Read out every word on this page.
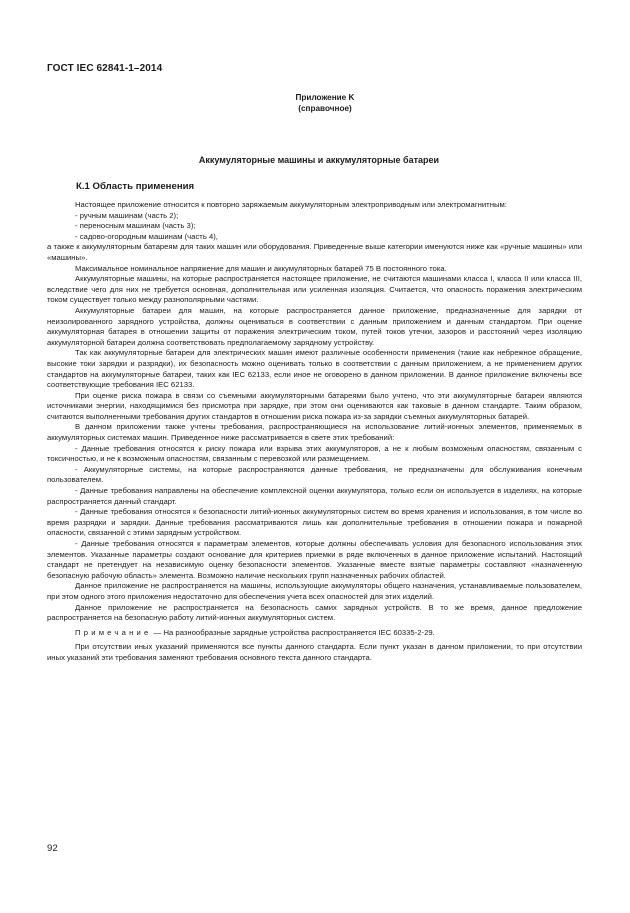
ГОСТ IEC 62841-1–2014
Приложение K
(справочное)
Аккумуляторные машины и аккумуляторные батареи
К.1 Область применения

Настоящее приложение относится к повторно заряжаемым аккумуляторным электроприводным или электромагнитным:

- ручным машинам (часть 2);

- переносным машинам (часть 3);

- садово-огородным машинам (часть 4),

а также к аккумуляторным батареям для таких машин или оборудования. Приведенные выше категории именуются ниже как «ручные машины» или «машины».

Максимальное номинальное напряжение для машин и аккумуляторных батарей 75 В постоянного тока.

Аккумуляторные машины, на которые распространяется настоящее приложение, не считаются машинами класса I, класса II или класса III, вследствие чего для них не требуется основная, дополнительная или усиленная изоляция. Считается, что опасность поражения электрическим током существует только между разнополярными частями.

Аккумуляторные батареи для машин, на которые распространяется данное приложение, предназначенные для зарядки от неизолированного зарядного устройства, должны оцениваться в соответствии с данным приложением и данным стандартом. При оценке аккумуляторная батарея в отношении защиты от поражения электрическим током, путей токов утечки, зазоров и расстояний через изоляцию аккумуляторной батареи должна соответствовать предполагаемому зарядному устройству.

Так как аккумуляторные батареи для электрических машин имеют различные особенности применения (такие как небрежное обращение, высокие токи зарядки и разрядки), их безопасность можно оценивать только в соответствии с данным приложением, а не применением других стандартов на аккумуляторные батареи, таких как IEC 62133, если иное не оговорено в данном приложении. В данное приложение включены все соответствующие требования IEC 62133.

При оценке риска пожара в связи со съемными аккумуляторными батареями было учтено, что эти аккумуляторные батареи являются источниками энергии, находящимися без присмотра при зарядке, при этом они оцениваются как таковые в данном стандарте. Таким образом, считаются выполненными требования других стандартов в отношении риска пожара из-за зарядки съемных аккумуляторных батарей.

В данном приложении также учтены требования, распространяющиеся на использование литий-ионных элементов, применяемых в аккумуляторных системах машин. Приведенное ниже рассматривается в свете этих требований:

- Данные требования относятся к риску пожара или взрыва этих аккумуляторов, а не к любым возможным опасностям, связанным с токсичностью, и не к возможным опасностям, связанным с перевозкой или размещением.

- Аккумуляторные системы, на которые распространяются данные требования, не предназначены для обслуживания конечным пользователем.

- Данные требования направлены на обеспечение комплексной оценки аккумулятора, только если он используется в изделиях, на которые распространяется данный стандарт.

- Данные требования относятся к безопасности литий-ионных аккумуляторных систем во время хранения и использования, в том числе во время разрядки и зарядки. Данные требования рассматриваются лишь как дополнительные требования в отношении пожара и пожарной опасности, связанной с этими зарядным устройством.

- Данные требования относятся к параметрам элементов, которые должны обеспечивать условия для безопасного использования этих элементов. Указанные параметры создают основание для критериев приемки в ряде включенных в данное приложение испытаний. Настоящий стандарт не претендует на независимую оценку безопасности элементов. Указанные вместе взятые параметры составляют «назначенную безопасную рабочую область» элемента. Возможно наличие нескольких групп назначенных рабочих областей.

Данное приложение не распространяется на машины, использующие аккумуляторы общего назначения, устанавливаемые пользователем, при этом одного этого приложения недостаточно для обеспечения учета всех опасностей для этих изделий.

Данное приложение не распространяется на безопасность самих зарядных устройств. В то же время, данное предложение распространяется на безопасную работу литий-ионных аккумуляторных систем.

Примечание — На разнообразные зарядные устройства распространяется IEC 60335-2-29.

При отсутствии иных указаний применяются все пункты данного стандарта. Если пункт указан в данном приложении, то при отсутствии иных указаний эти требования заменяют требования основного текста данного стандарта.

92
